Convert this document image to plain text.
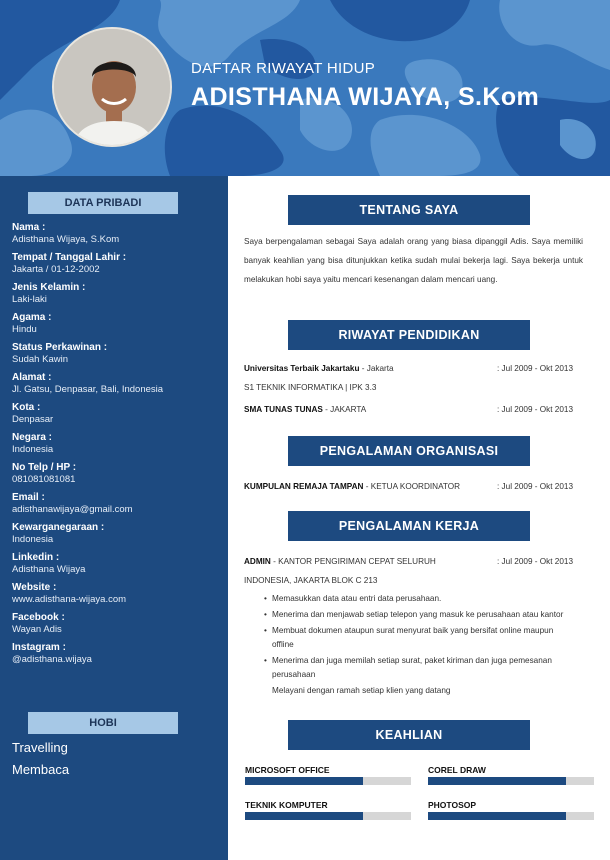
DAFTAR RIWAYAT HIDUP
ADISTHANA WIJAYA, S.Kom
DATA PRIBADI
Nama :
Adisthana Wijaya, S.Kom
Tempat / Tanggal Lahir :
Jakarta / 01-12-2002
Jenis Kelamin :
Laki-laki
Agama :
Hindu
Status Perkawinan :
Sudah Kawin
Alamat :
Jl. Gatsu, Denpasar, Bali, Indonesia
Kota :
Denpasar
Negara :
Indonesia
No Telp / HP :
081081081081
Email :
adisthanawijaya@gmail.com
Kewarganegaraan :
Indonesia
Linkedin :
Adisthana Wijaya
Website :
www.adisthana-wijaya.com
Facebook :
Wayan Adis
Instagram :
@adisthana.wijaya
HOBI
Travelling
Membaca
TENTANG SAYA
Saya berpengalaman sebagai Saya adalah orang yang biasa dipanggil Adis. Saya memiliki banyak keahlian yang bisa ditunjukkan ketika sudah mulai bekerja lagi. Saya bekerja untuk melakukan hobi saya yaitu mencari kesenangan dalam mencari uang.
RIWAYAT PENDIDIKAN
Universitas Terbaik Jakartaku - Jakarta	: Jul 2009 - Okt 2013
S1 TEKNIK INFORMATIKA | IPK 3.3
SMA TUNAS TUNAS - JAKARTA	: Jul 2009 - Okt 2013
PENGALAMAN ORGANISASI
KUMPULAN REMAJA TAMPAN - KETUA KOORDINATOR	: Jul 2009 - Okt 2013
PENGALAMAN KERJA
ADMIN - KANTOR PENGIRIMAN CEPAT SELURUH	: Jul 2009 - Okt 2013
INDONESIA, JAKARTA BLOK C 213
• Memasukkan data atau entri data perusahaan.
• Menerima dan menjawab setiap telepon yang masuk ke perusahaan atau kantor
• Membuat dokumen ataupun surat menyurat baik yang bersifat online maupun offline
• Menerima dan juga memilah setiap surat, paket kiriman dan juga pemesanan perusahaan
Melayani dengan ramah setiap klien yang datang
KEAHLIAN
MICROSOFT OFFICE	COREL DRAW
TEKNIK KOMPUTER	PHOTOSOP
